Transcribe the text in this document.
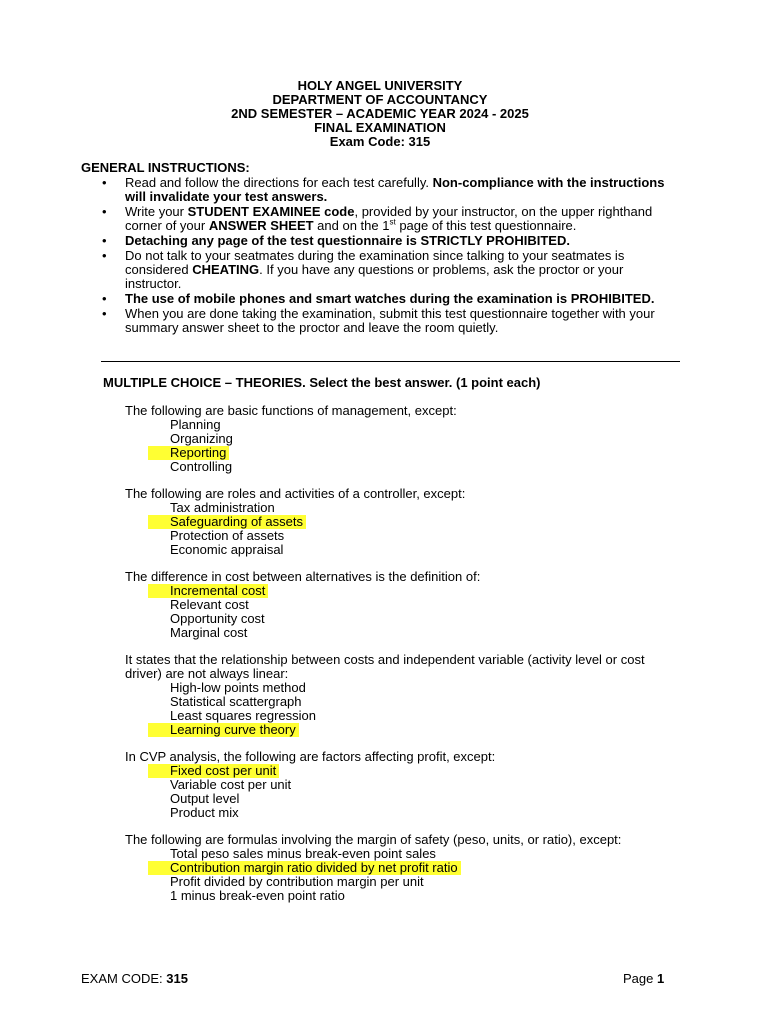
HOLY ANGEL UNIVERSITY
DEPARTMENT OF ACCOUNTANCY
2ND SEMESTER – ACADEMIC YEAR 2024 - 2025
FINAL EXAMINATION
Exam Code: 315
GENERAL INSTRUCTIONS:
• Read and follow the directions for each test carefully. Non-compliance with the instructions will invalidate your test answers.
• Write your STUDENT EXAMINEE code, provided by your instructor, on the upper righthand corner of your ANSWER SHEET and on the 1st page of this test questionnaire.
• Detaching any page of the test questionnaire is STRICTLY PROHIBITED.
• Do not talk to your seatmates during the examination since talking to your seatmates is considered CHEATING. If you have any questions or problems, ask the proctor or your instructor.
• The use of mobile phones and smart watches during the examination is PROHIBITED.
• When you are done taking the examination, submit this test questionnaire together with your summary answer sheet to the proctor and leave the room quietly.
MULTIPLE CHOICE – THEORIES. Select the best answer. (1 point each)
The following are basic functions of management, except:
Planning
Organizing
Reporting
Controlling
The following are roles and activities of a controller, except:
Tax administration
Safeguarding of assets
Protection of assets
Economic appraisal
The difference in cost between alternatives is the definition of:
Incremental cost
Relevant cost
Opportunity cost
Marginal cost
It states that the relationship between costs and independent variable (activity level or cost driver) are not always linear:
High-low points method
Statistical scattergraph
Least squares regression
Learning curve theory
In CVP analysis, the following are factors affecting profit, except:
Fixed cost per unit
Variable cost per unit
Output level
Product mix
The following are formulas involving the margin of safety (peso, units, or ratio), except:
Total peso sales minus break-even point sales
Contribution margin ratio divided by net profit ratio
Profit divided by contribution margin per unit
1 minus break-even point ratio
EXAM CODE: 315	Page 1
